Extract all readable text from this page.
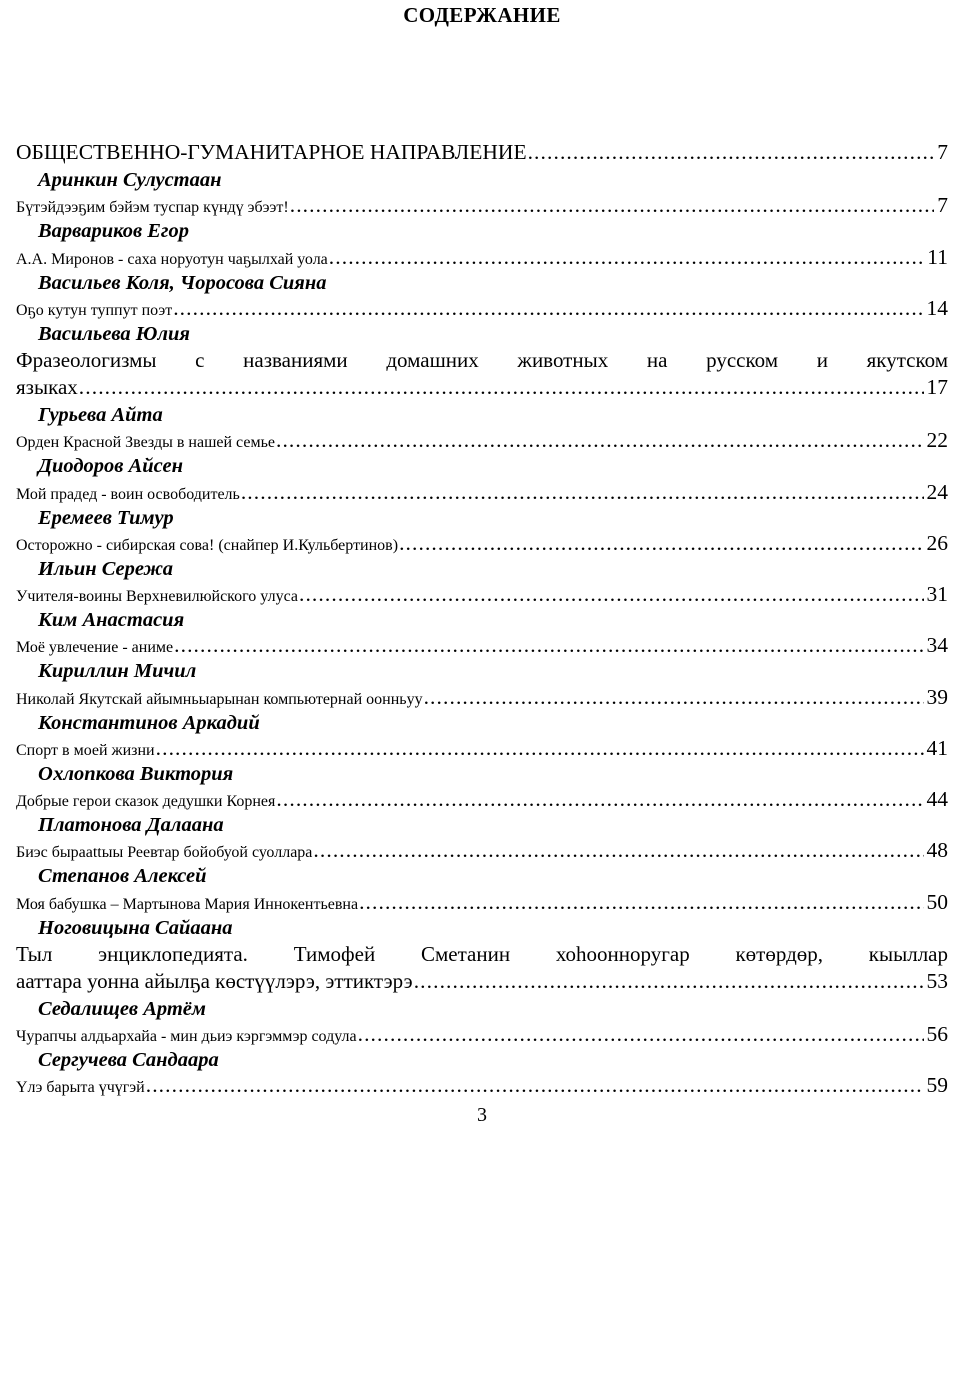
СОДЕРЖАНИЕ
ОБЩЕСТВЕННО-ГУМАНИТАРНОЕ НАПРАВЛЕНИЕ .....	7
Аринкин Сулустаан
Бүтэйдээҕим бэйэм туспар күндү эбээт! .....	7
Варвариков Егор
А.А. Миронов - саха норуотун чаҕылхай уола .....	11
Васильев Коля, Чоросова Сияна
Оҕо кутун туппут поэт .....	14
Васильева Юлия
Фразеологизмы с названиями домашних животных на русском и якутском
языках .....	17
Гурьева Айта
Орден Красной Звезды в нашей семье .....	22
Диодоров Айсен
Мой прадед - воин освободитель .....	24
Еремеев Тимур
Осторожно - сибирская сова! (снайпер И.Кульбертинов) .....	26
Ильин Сережа
Учителя-воины Верхневилюйского улуса .....	31
Ким Анастасия
Моё увлечение - аниме .....	34
Кириллин Мичил
Николай Якутскай айымньыарынан компьютернай оонньуу .....	39
Константинов Аркадий
Спорт в моей жизни .....	41
Охлопкова Виктория
Добрые герои сказок дедушки Корнея .....	44
Платонова Далаана
Биэс быраattыы Реевтар бойобуой суоллара .....	48
Степанов Алексей
Моя бабушка – Мартынова Мария Иннокентьевна .....	50
Ноговицына Сайаана
Тыл энциклопедията. Тимофей Сметанин хоһоонноругар көтөрдөр, кыыллар
ааттара уонна айылҕа көстүүлэрэ, эттиктэрэ .....	53
Седалищев Артём
Чурапчы алдьархайа - мин дьиэ кэргэммэр содула .....	56
Сергучева Сандаара
Үлэ барыта үчүгэй .....	59
3
